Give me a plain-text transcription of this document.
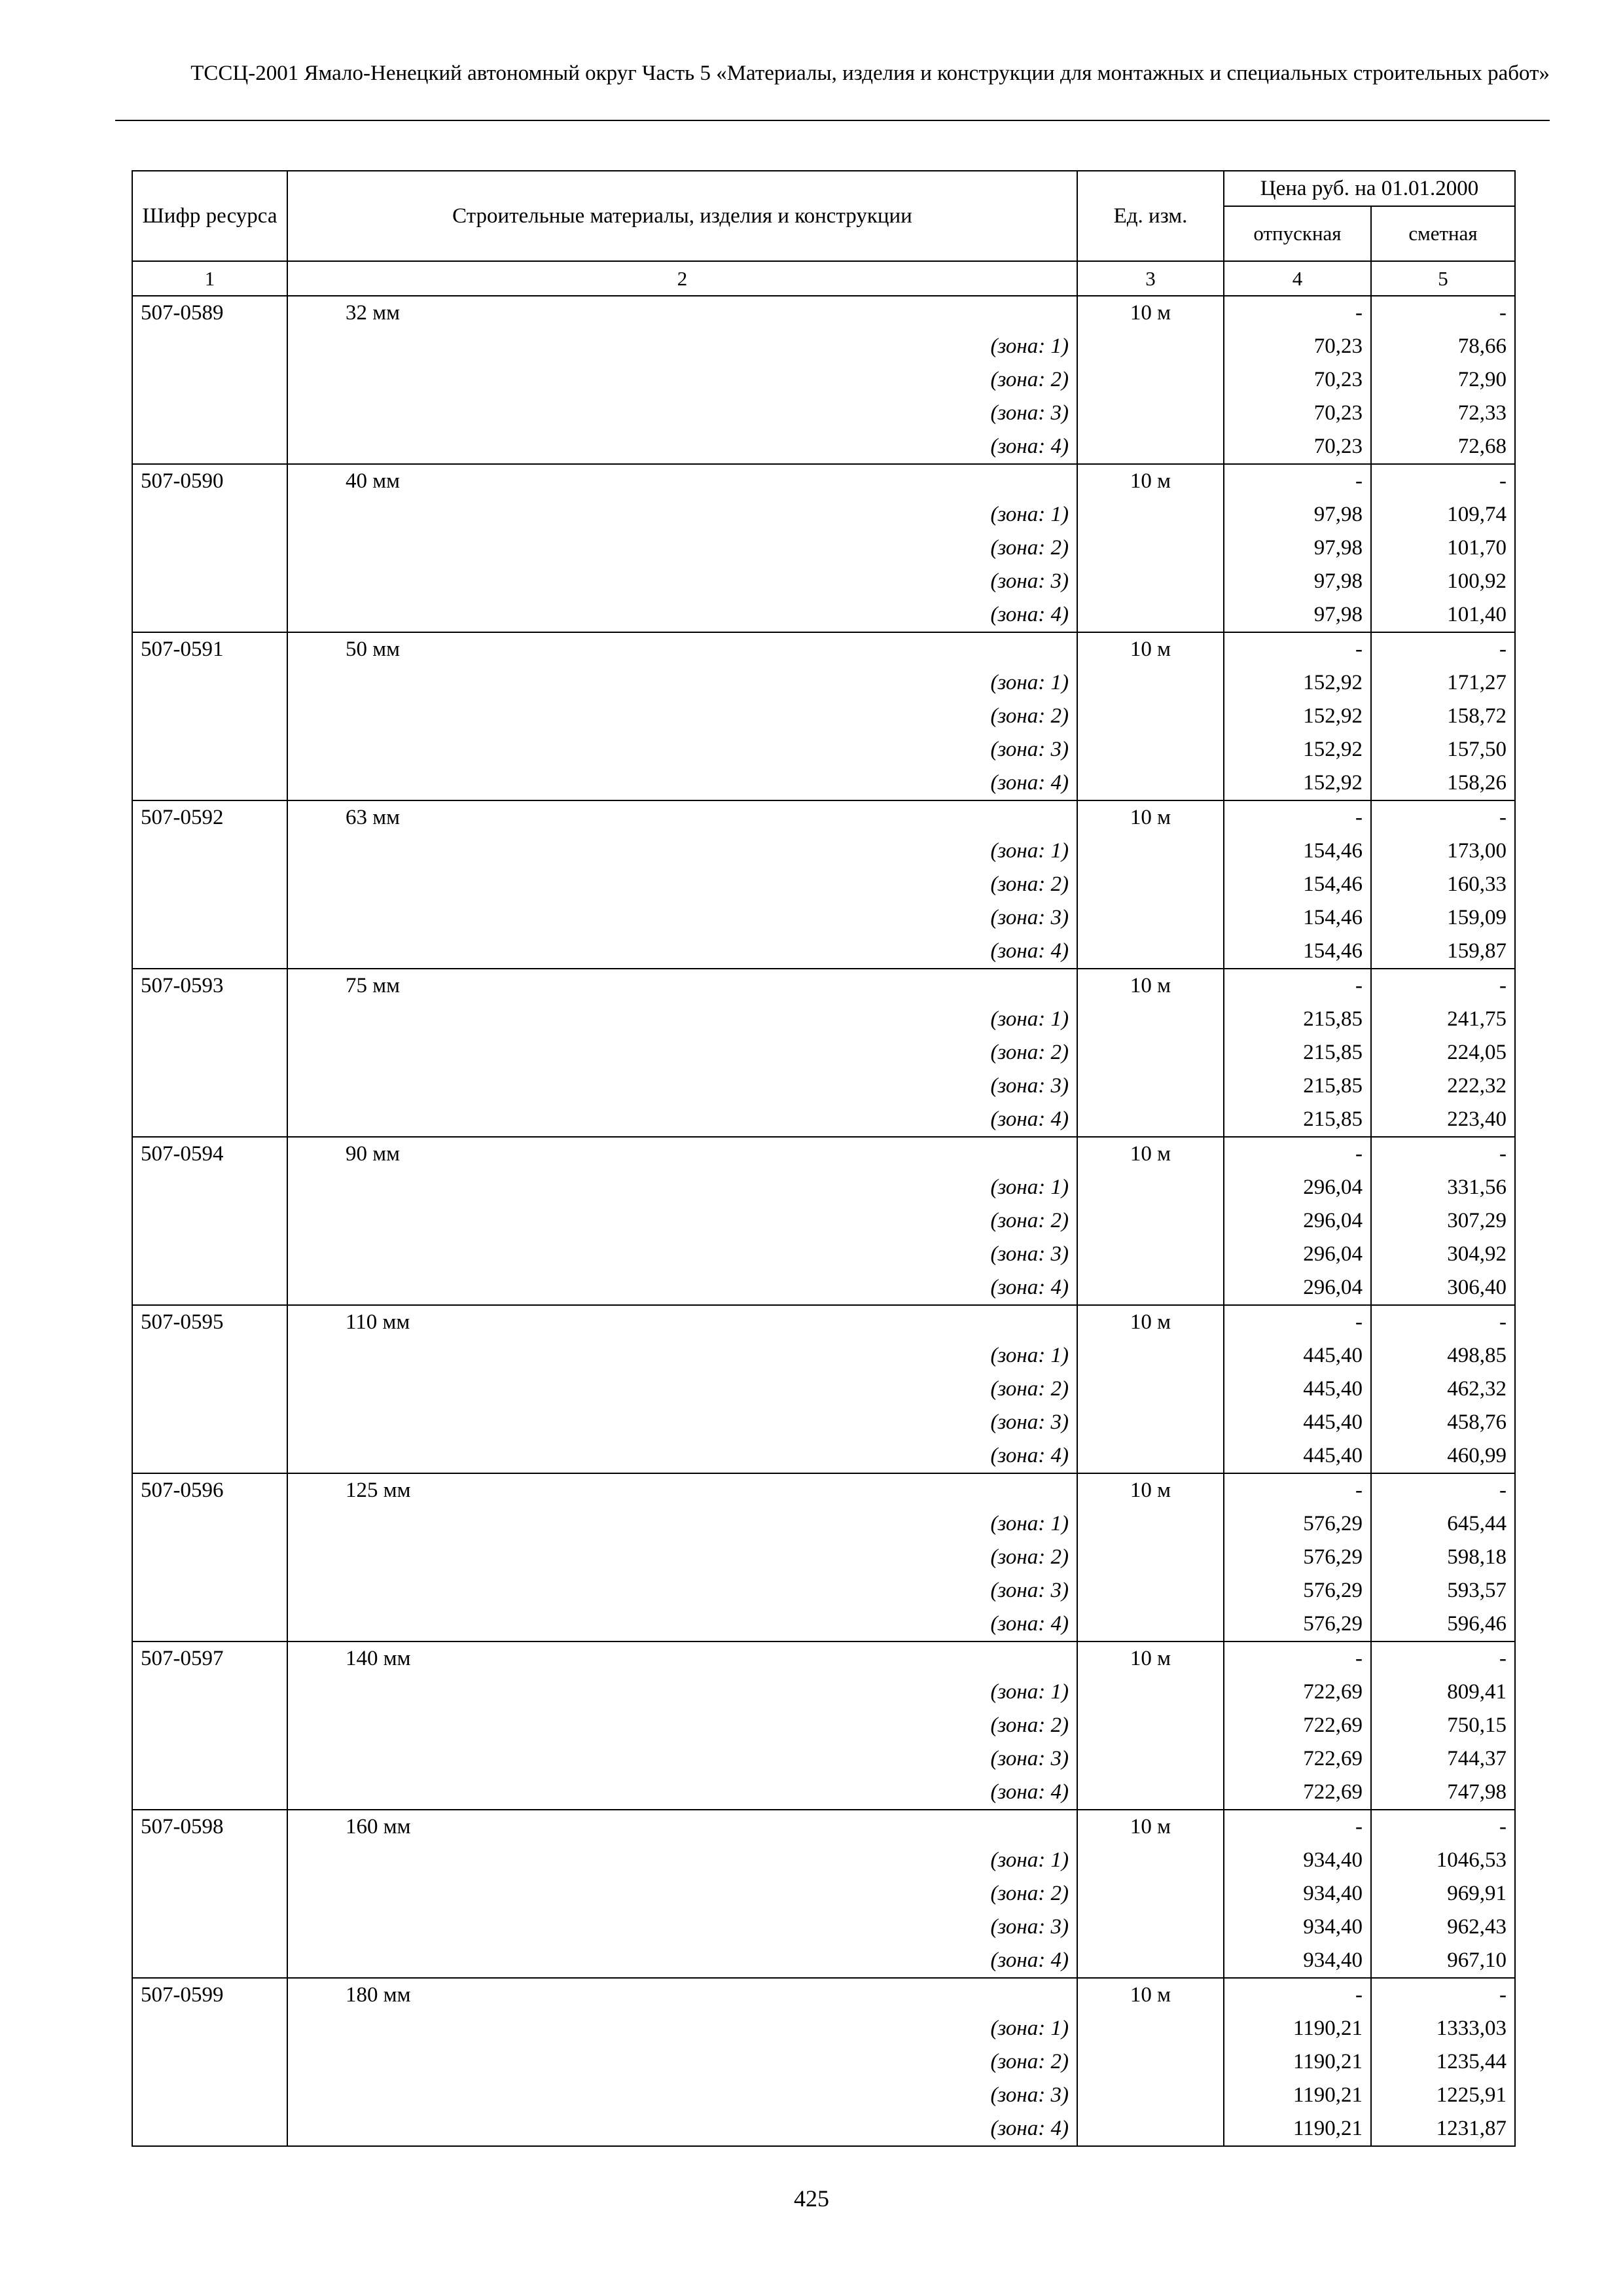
ТССЦ-2001 Ямало-Ненецкий автономный округ Часть 5 «Материалы, изделия и конструкции для монтажных и специальных строительных работ»
Шифр ресурса	Строительные материалы, изделия и конструкции	Ед. изм.	Цена руб. на 01.01.2000	
			отпускная	сметная
1	2	3	4	5
507-0589	32 мм	10 м	-	-
	(зона: 1)		70,23	78,66
	(зона: 2)		70,23	72,90
	(зона: 3)		70,23	72,33
	(зона: 4)		70,23	72,68
507-0590	40 мм	10 м	-	-
	(зона: 1)		97,98	109,74
	(зона: 2)		97,98	101,70
	(зона: 3)		97,98	100,92
	(зона: 4)		97,98	101,40
507-0591	50 мм	10 м	-	-
	(зона: 1)		152,92	171,27
	(зона: 2)		152,92	158,72
	(зона: 3)		152,92	157,50
	(зона: 4)		152,92	158,26
507-0592	63 мм	10 м	-	-
	(зона: 1)		154,46	173,00
	(зона: 2)		154,46	160,33
	(зона: 3)		154,46	159,09
	(зона: 4)		154,46	159,87
507-0593	75 мм	10 м	-	-
	(зона: 1)		215,85	241,75
	(зона: 2)		215,85	224,05
	(зона: 3)		215,85	222,32
	(зона: 4)		215,85	223,40
507-0594	90 мм	10 м	-	-
	(зона: 1)		296,04	331,56
	(зона: 2)		296,04	307,29
	(зона: 3)		296,04	304,92
	(зона: 4)		296,04	306,40
507-0595	110 мм	10 м	-	-
	(зона: 1)		445,40	498,85
	(зона: 2)		445,40	462,32
	(зона: 3)		445,40	458,76
	(зона: 4)		445,40	460,99
507-0596	125 мм	10 м	-	-
	(зона: 1)		576,29	645,44
	(зона: 2)		576,29	598,18
	(зона: 3)		576,29	593,57
	(зона: 4)		576,29	596,46
507-0597	140 мм	10 м	-	-
	(зона: 1)		722,69	809,41
	(зона: 2)		722,69	750,15
	(зона: 3)		722,69	744,37
	(зона: 4)		722,69	747,98
507-0598	160 мм	10 м	-	-
	(зона: 1)		934,40	1046,53
	(зона: 2)		934,40	969,91
	(зона: 3)		934,40	962,43
	(зона: 4)		934,40	967,10
507-0599	180 мм	10 м	-	-
	(зона: 1)		1190,21	1333,03
	(зона: 2)		1190,21	1235,44
	(зона: 3)		1190,21	1225,91
	(зона: 4)		1190,21	1231,87
425
